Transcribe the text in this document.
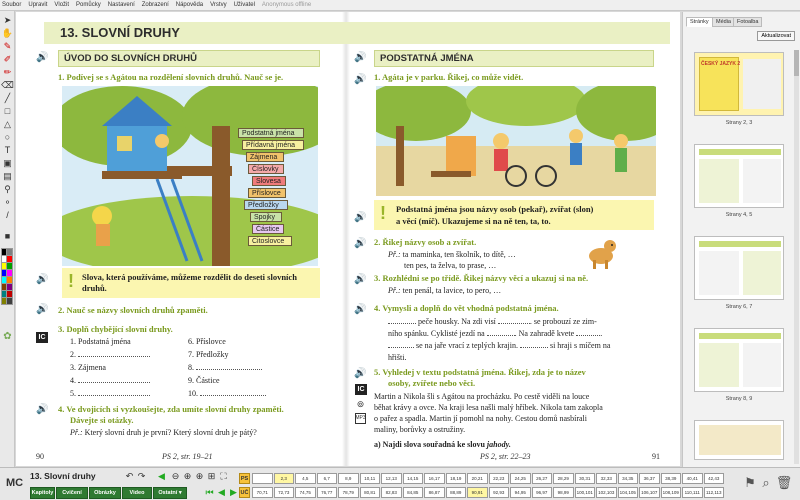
Soubor Upravit Vložit Pomůcky Nastavení Zobrazení Nápověda Vrstvy Uživatel Anonymous offline
➤
✋
✎
✐
✏
⌫
╱
□
△
○
T
▣
▤
⚲
⚬
/
■
✿
13. SLOVNÍ DRUHY
🔊 ÚVOD DO SLOVNÍCH DRUHŮ
1. Podívej se s Agátou na rozdělení slovních druhů. Nauč se je.
Podstatná jména
Přídavná jména
Zájmena
Číslovky
Slovesa
Příslovce
Předložky
Spojky
Částice
Citoslovce
🔊 ! Slova, která používáme, můžeme rozdělit do deseti slovních druhů.
🔊 2. Nauč se názvy slovních druhů zpaměti.
3. Doplň chybějící slovní druhy.
IC	1. Podstatná jména
2.
3. Zájmena
4.
5.
6. Příslovce
7. Předložky
8.
9. Částice
10.
🔊 4. Ve dvojicích si vyzkoušejte, zda umíte slovní druhy zpaměti.
Dávejte si otázky.
Př.: Který slovní druh je první? Který slovní druh je pátý?
90	PS 2, str. 19–21
🔊 PODSTATNÁ JMÉNA
🔊 1. Agáta je v parku. Řikej, co může vidět.
! Podstatná jména jsou názvy osob (pekař), zvířat (slon)
a věcí (míč). Ukazujeme si na ně ten, ta, to.
🔊
🔊 2. Řikej názvy osob a zvířat.
Př.: ta maminka, ten školník, to dítě, …
ten pes, ta želva, to prase, …
🔊 3. Rozhlédni se po třídě. Řikej názvy věcí a ukazuj si na ně.
Př.: ten penál, ta lavice, to pero, …
🔊 4. Vymysli a doplň do vět vhodná podstatná jména.
peče housky. Na zdi visí	. se probouzí ze zim-
ního spánku. Cyklisté jezdí na	. Na zahradě kvete	.
se na jaře vrací z teplých krajin.	si hraji s míčem na
hřišti.
🔊 5. Vyhledej v textu podstatná jména. Řikej, zda je to název
osoby, zvířete nebo věci.
IC
⊚
MP3
Martin a Nikola šli s Agátou na procházku. Po cestě viděli na louce
běhat krávy a ovce. Na kraji lesa našli malý hříbek. Nikola tam zakopla
o pařez a spadla. Martin jí pomohl na nohy. Cestou domů nasbírali
maliny, borůvky a ostružiny.
a) Najdi slova souřadná ke slovu jahody.
PS 2, str. 22–23	91
Stránky	Média	Fotoalba
Aktualizovat
ČESKÝ JAZYK 2
Strany 2, 3
Strany 4, 5
Strany 6, 7
Strany 8, 9
MC
13. Slovní druhy
Kapitoly	Cvičení	Obrázky	Video	Ostatní ▾
↶ ↷ ◀ ⊖ ⊕ ⊕ ⊞ ⛶
⏮ ◀ ▶
PS
UČ
⚑ ⌕ 🗑
2,3	4,5	6,7	8,9	10,11	12,13	14,15	16,17	18,19	20,21	22,23	24,25	26,27	28,29	30,31	32,33	34,35	36,37	38,39	40,41	42,43
70,71	72,73	74,75	76,77	78,79	80,81	82,83	84,85	86,87	88,89	90,91	92,93	94,95	96,97	98,99	100,101	102,103	104,105	106,107	108,109	110,111	112,113
